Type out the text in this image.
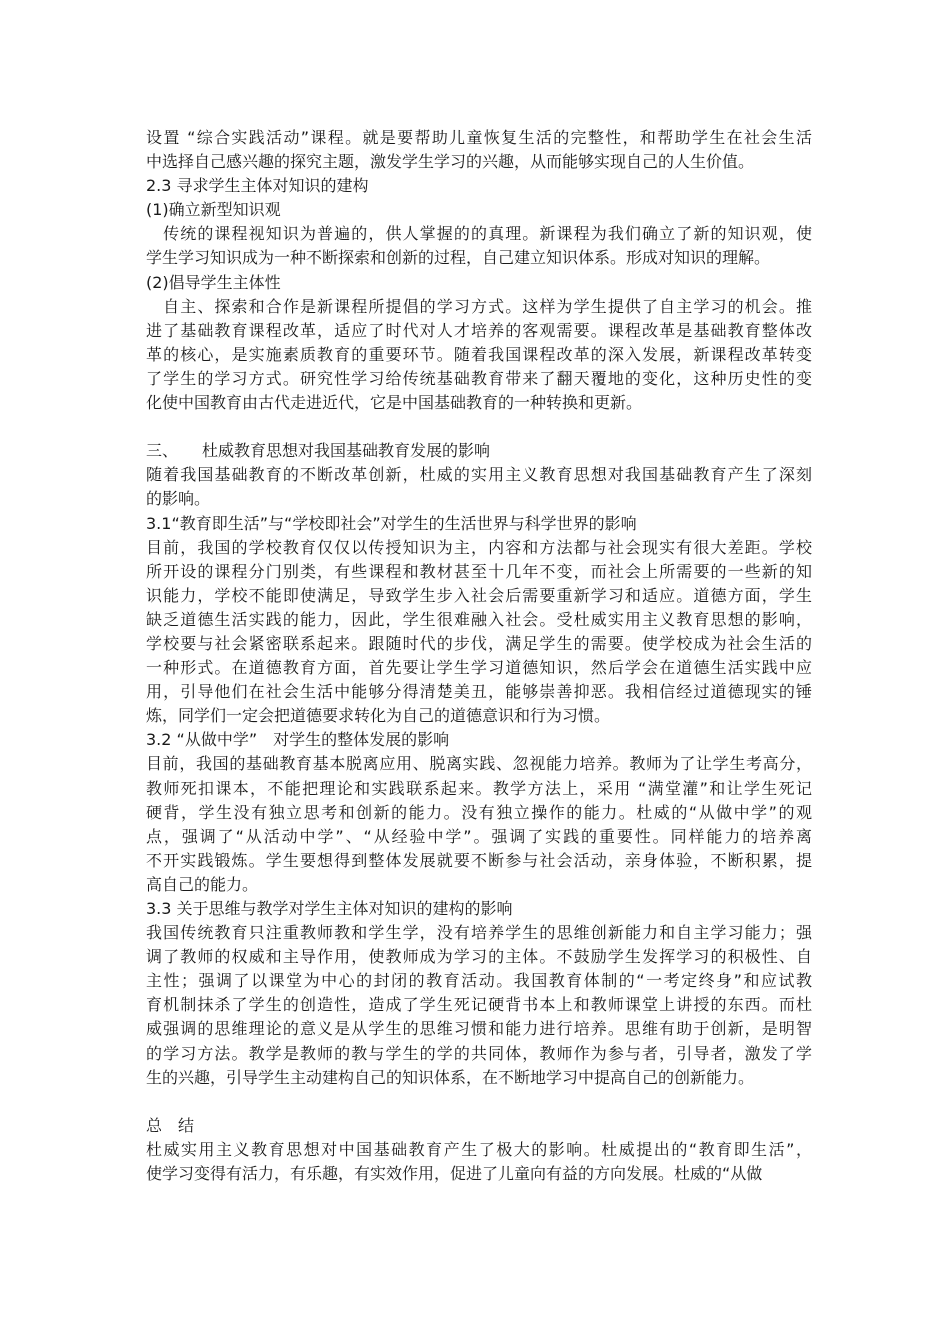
设置 “综合实践活动”课程。就是要帮助儿童恢复生活的完整性，和帮助学生在社会生活
中选择自己感兴趣的探究主题，激发学生学习的兴趣，从而能够实现自己的人生价值。
2.3 寻求学生主体对知识的建构
(1)确立新型知识观
　传统的课程视知识为普遍的，供人掌握的的真理。新课程为我们确立了新的知识观，使
学生学习知识成为一种不断探索和创新的过程，自己建立知识体系。形成对知识的理解。
(2)倡导学生主体性
　自主、探索和合作是新课程所提倡的学习方式。这样为学生提供了自主学习的机会。推
进了基础教育课程改革，适应了时代对人才培养的客观需要。课程改革是基础教育整体改
革的核心，是实施素质教育的重要环节。随着我国课程改革的深入发展，新课程改革转变
了学生的学习方式。研究性学习给传统基础教育带来了翻天覆地的变化，这种历史性的变
化使中国教育由古代走进近代，它是中国基础教育的一种转换和更新。
三、　　杜威教育思想对我国基础教育发展的影响
随着我国基础教育的不断改革创新，杜威的实用主义教育思想对我国基础教育产生了深刻
的影响。
3.1“教育即生活”与“学校即社会”对学生的生活世界与科学世界的影响
目前，我国的学校教育仅仅以传授知识为主，内容和方法都与社会现实有很大差距。学校
所开设的课程分门别类，有些课程和教材甚至十几年不变，而社会上所需要的一些新的知
识能力，学校不能即使满足，导致学生步入社会后需要重新学习和适应。道德方面，学生
缺乏道德生活实践的能力，因此，学生很难融入社会。受杜威实用主义教育思想的影响，
学校要与社会紧密联系起来。跟随时代的步伐，满足学生的需要。使学校成为社会生活的
一种形式。在道德教育方面，首先要让学生学习道德知识，然后学会在道德生活实践中应
用，引导他们在社会生活中能够分得清楚美丑，能够崇善抑恶。我相信经过道德现实的锤
炼，同学们一定会把道德要求转化为自己的道德意识和行为习惯。
3.2 “从做中学”　对学生的整体发展的影响
目前，我国的基础教育基本脱离应用、脱离实践、忽视能力培养。教师为了让学生考高分，
教师死扣课本，不能把理论和实践联系起来。教学方法上，采用 “满堂灌”和让学生死记
硬背，学生没有独立思考和创新的能力。没有独立操作的能力。杜威的“从做中学”的观
点，强调了“从活动中学”、“从经验中学”。强调了实践的重要性。同样能力的培养离
不开实践锻炼。学生要想得到整体发展就要不断参与社会活动，亲身体验，不断积累，提
高自己的能力。
3.3 关于思维与教学对学生主体对知识的建构的影响
我国传统教育只注重教师教和学生学，没有培养学生的思维创新能力和自主学习能力；强
调了教师的权威和主导作用，使教师成为学习的主体。不鼓励学生发挥学习的积极性、自
主性；强调了以课堂为中心的封闭的教育活动。我国教育体制的“一考定终身”和应试教
育机制抹杀了学生的创造性，造成了学生死记硬背书本上和教师课堂上讲授的东西。而杜
威强调的思维理论的意义是从学生的思维习惯和能力进行培养。思维有助于创新，是明智
的学习方法。教学是教师的教与学生的学的共同体，教师作为参与者，引导者，激发了学
生的兴趣，引导学生主动建构自己的知识体系，在不断地学习中提高自己的创新能力。
总　结
杜威实用主义教育思想对中国基础教育产生了极大的影响。杜威提出的“教育即生活”，
使学习变得有活力，有乐趣，有实效作用，促进了儿童向有益的方向发展。杜威的“从做
